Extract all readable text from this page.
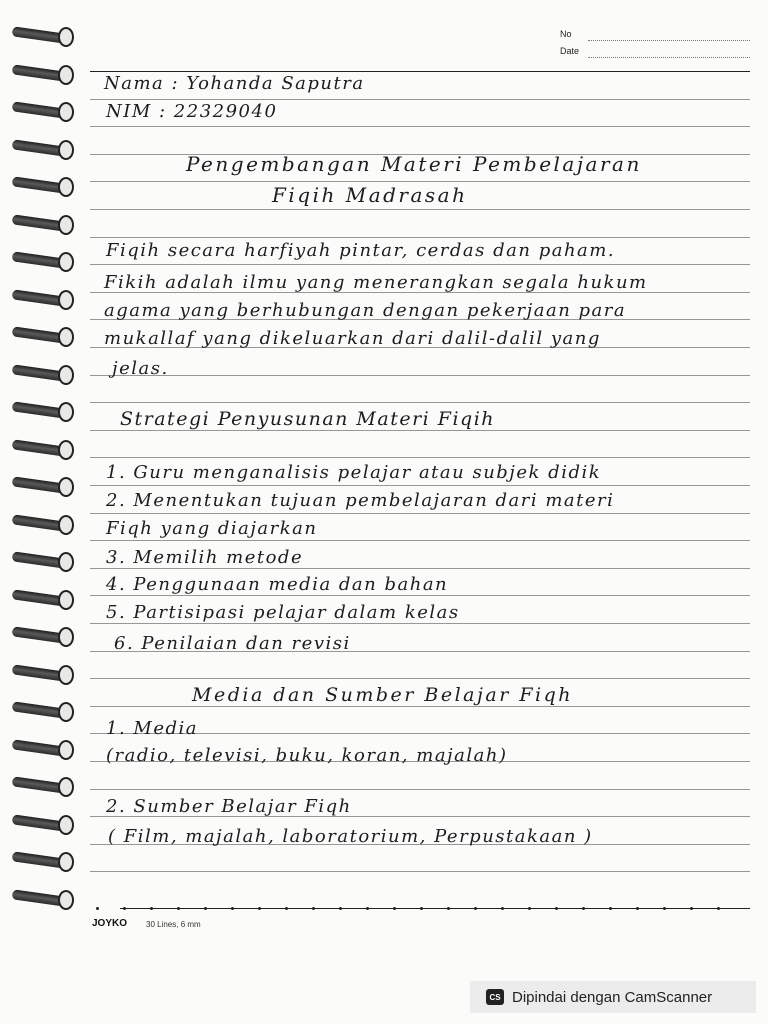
No
Date
Nama : Yohanda Saputra
NIM : 22329040
Pengembangan Materi Pembelajaran
Fiqih Madrasah
Fiqih secara harfiyah pintar, cerdas dan paham.
Fikih adalah ilmu yang menerangkan segala hukum
agama yang berhubungan dengan pekerjaan para
mukallaf yang dikeluarkan dari dalil-dalil yang
jelas.
Strategi Penyusunan Materi Fiqih
1. Guru menganalisis pelajar atau subjek didik
2. Menentukan tujuan pembelajaran dari materi
Fiqh yang diajarkan
3. Memilih metode
4. Penggunaan media dan bahan
5. Partisipasi pelajar dalam kelas
6. Penilaian dan revisi
Media dan Sumber Belajar Fiqh
1. Media
(radio, televisi, buku, koran, majalah)
2. Sumber Belajar Fiqh
( Film, majalah, laboratorium, Perpustakaan )
JOYKO 30 Lines, 6 mm
CS Dipindai dengan CamScanner
